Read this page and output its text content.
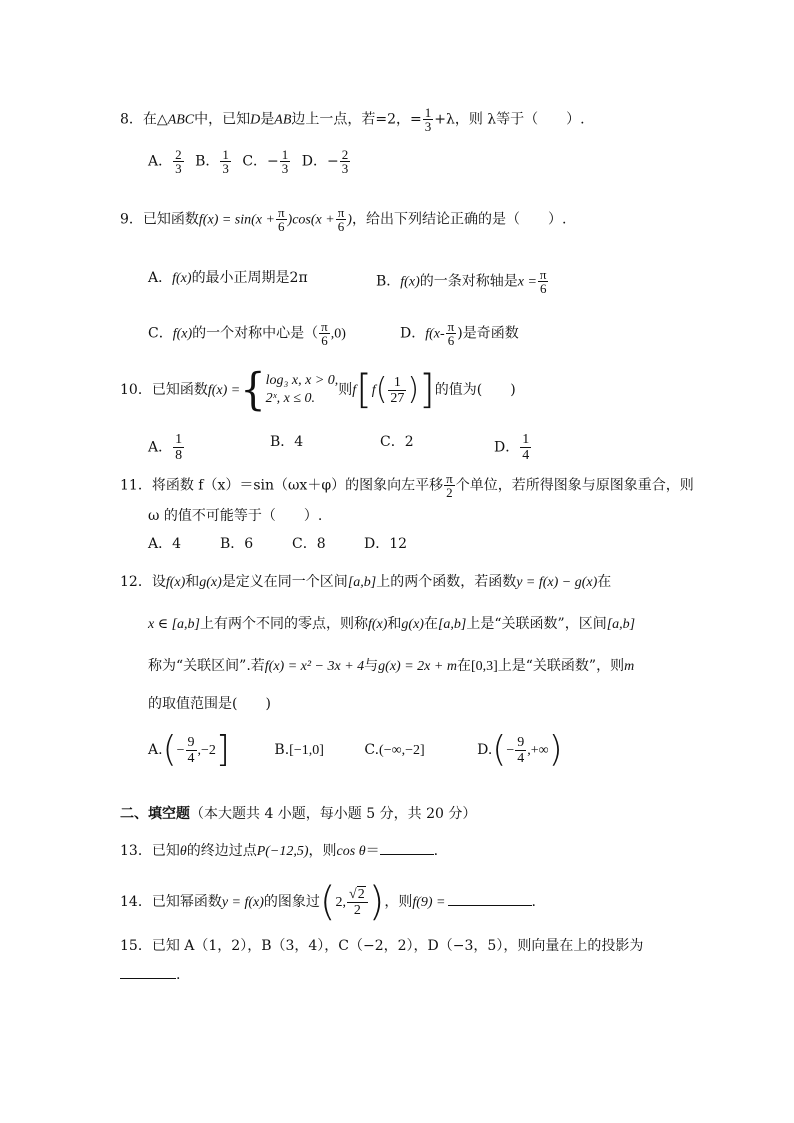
8．在△ABC中，已知D是AB边上一点，若=2，= $\frac{1}{3} +\lambda$，则 λ等于（　　）.
A． $\frac{2}{3}$ B． $\frac{1}{3}$ C．− $\frac{1}{3}$ D．− $\frac{2}{3}$
9．已知函数$f(x) = \sin(x + \frac{\pi}{6} )\cos(x + \frac{\pi}{6}$ )，给出下列结论正确的是（　　）.
A．f(x)的最小正周期是2π	B．f(x)的一条对称轴是$x = \frac{\pi}{6}$
C．f(x)的一个对称中心是（ $\frac{\pi}{6} ,0$)	D．$f(x- \frac{\pi}{6}$ )是奇函数
10．已知函数f(x) ={ log₃ x, x > 0,
2ˣ, x ≤ 0.
则$f[f( \frac{1}{27}$ )]的值为(　　)
A． $\frac{1}{8}$	B．4	C．2	D． $\frac{1}{4}$
11．将函数 f（x）＝sin（ωx＋φ）的图象向左平移 $\frac{\pi}{2}$ 个单位，若所得图象与原图象重合，则
ω 的值不可能等于（　　）.
A．4	B．6	C．8	D．12
12．设f(x)和g(x)是定义在同一个区间[a,b]上的两个函数，若函数y = f(x) − g(x)在
x ∈ [a,b]上有两个不同的零点，则称f(x)和g(x)在[a,b]上是“关联函数”，区间[a,b]
称为“关联区间”.若f(x) = x² − 3x + 4与g(x) = 2x + m在[0,3]上是“关联函数”，则m
的取值范围是(　　)
$A.(- \frac{9}{4} ,-2]$	B.[−1,0]	C.(−∞,−2]	$D.(- \frac{9}{4}$ ,+∞)
二、填空题（本大题共 4 小题，每小题 5 分，共 20 分）
13．已知θ的终边过点P(−12,5)，则cos θ＝	.
14．已知幂函数y = f(x)的图象过(2, $\frac{√2}{2}$ )，则f(9) =	.
15．已知 A（1，2），B（3，4），C（−2，2），D（−3，5），则向量在上的投影为
.
